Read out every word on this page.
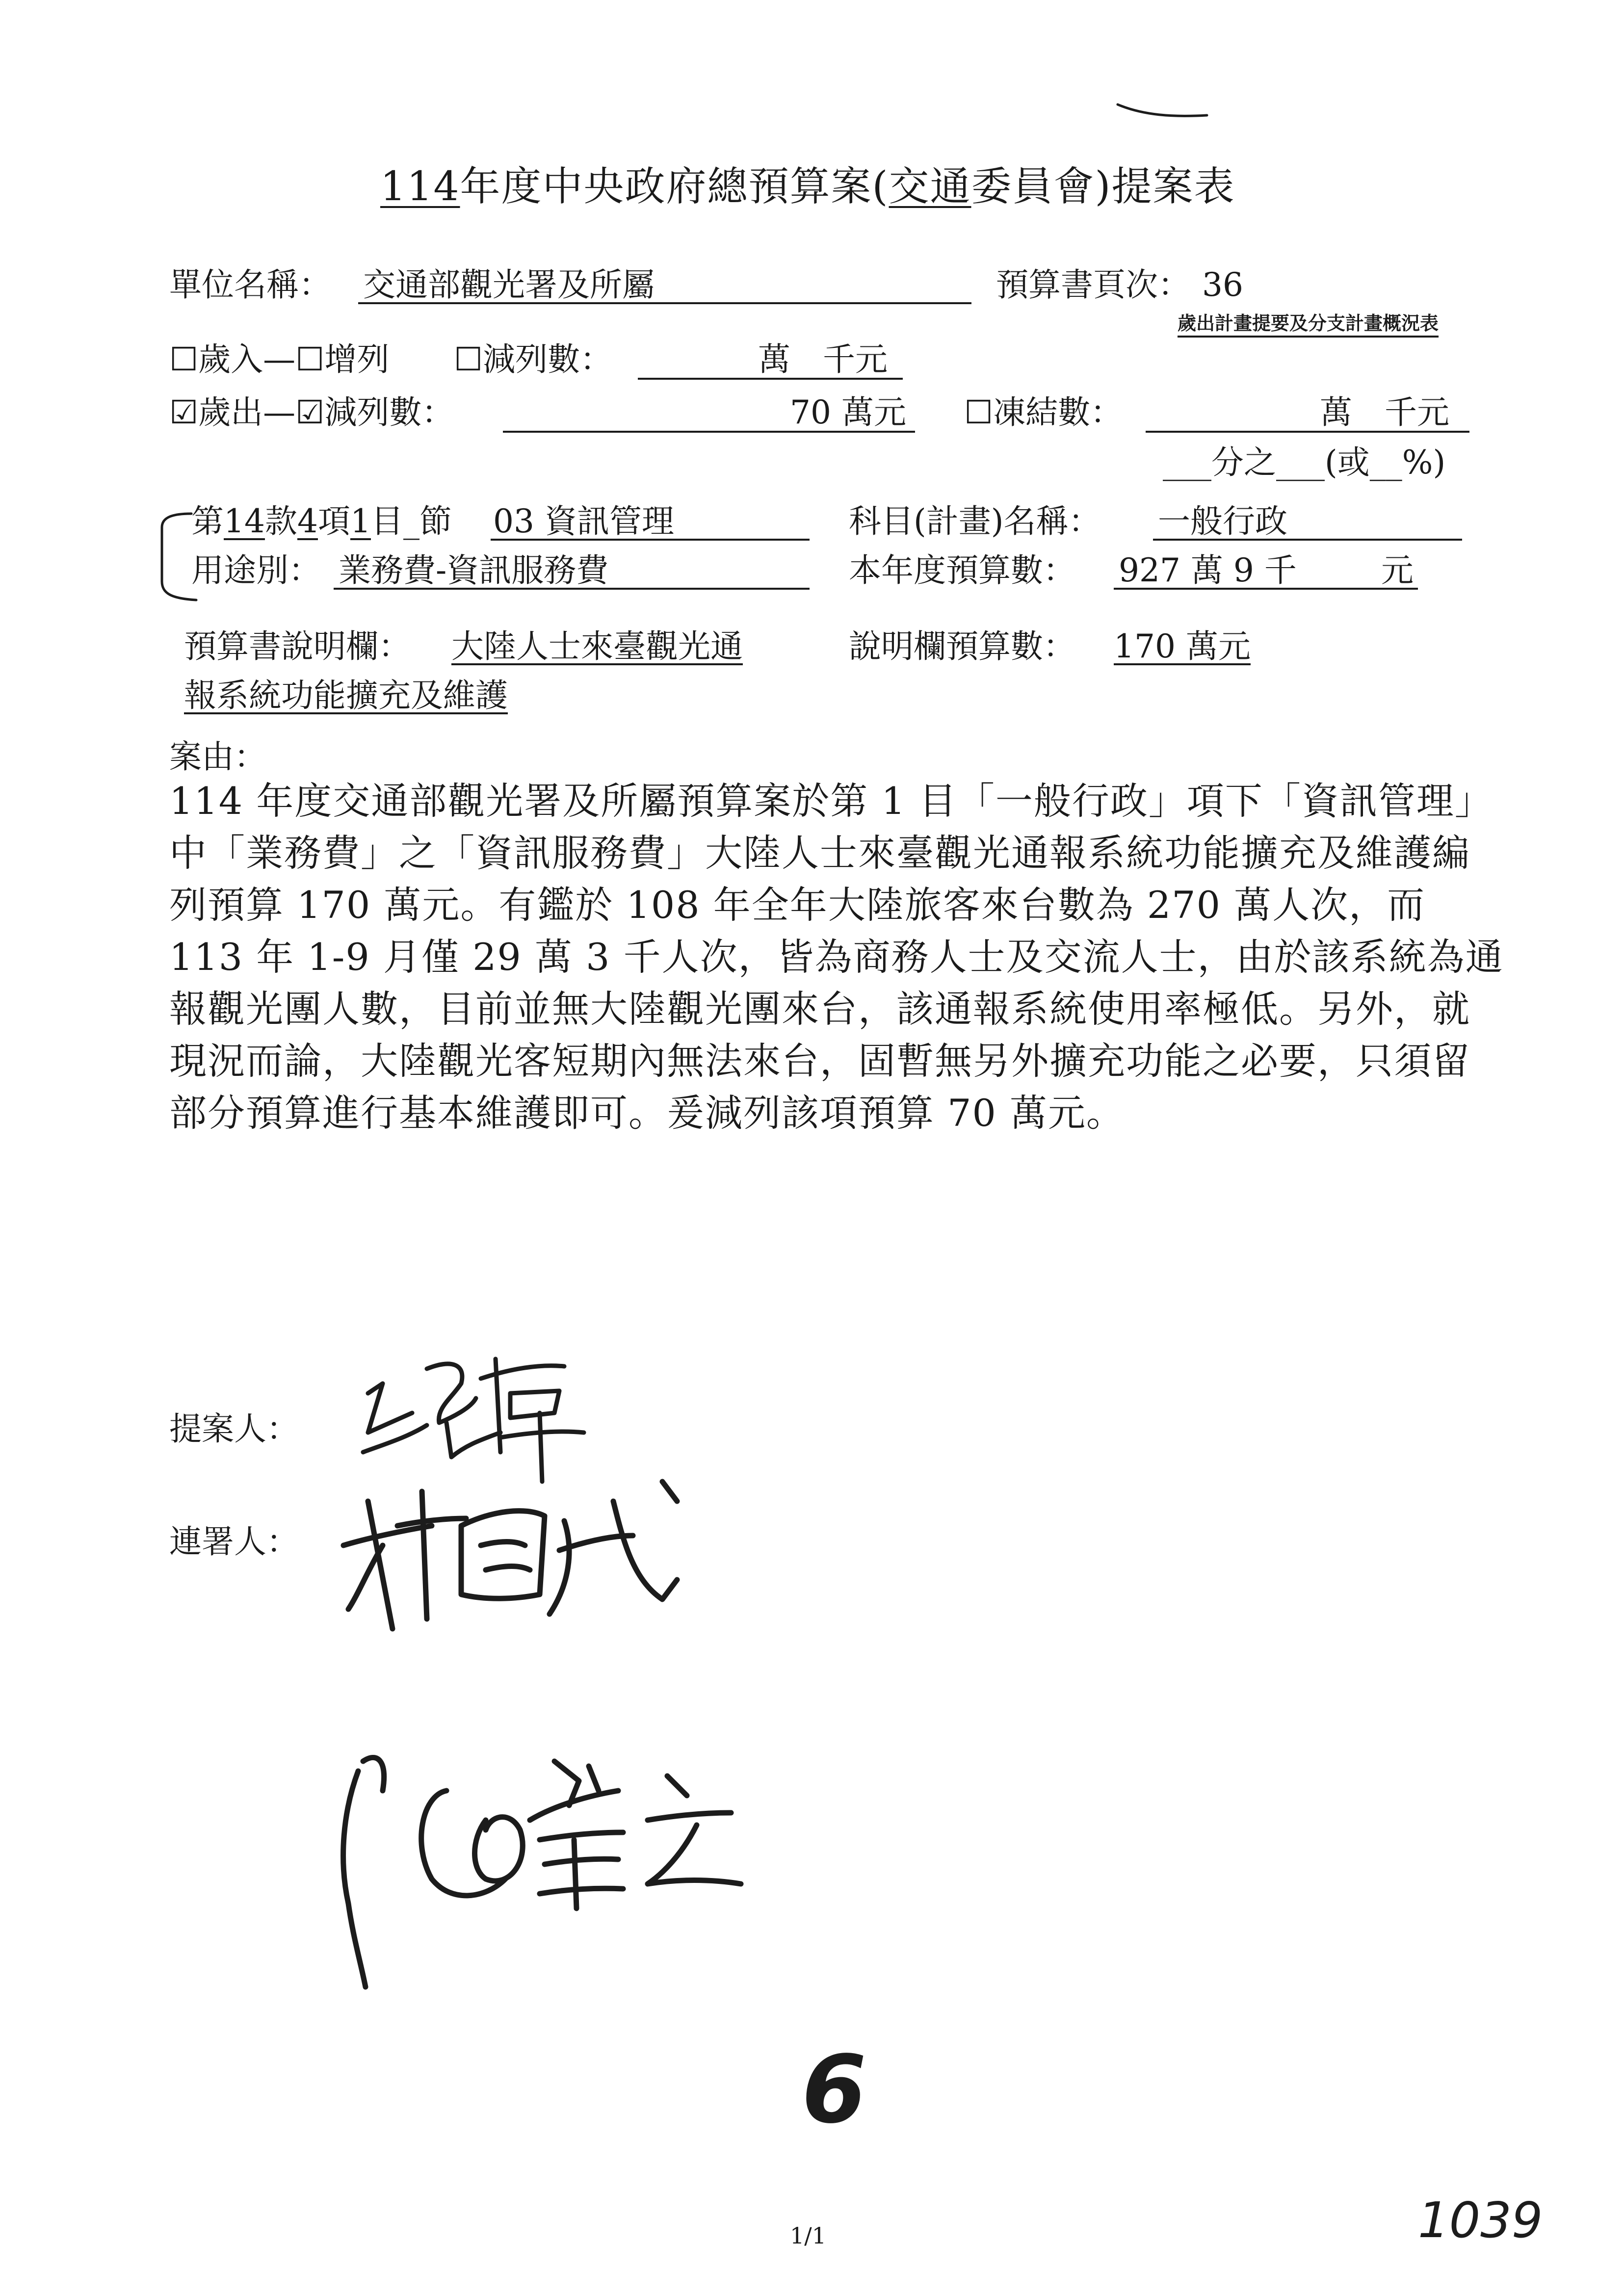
114年度中央政府總預算案(交通委員會)提案表
單位名稱： 交通部觀光署及所屬	預算書頁次： 36
歲出計畫提要及分支計畫概況表
☐歲入—☐增列 ☐減列數：	萬　千元
☑歲出—☑減列數：	70 萬元 ☐凍結數：	萬　千元
___分之___(或__%)
第14款4項1目_節 03 資訊管理	科目(計畫)名稱： 一般行政
用途別： 業務費-資訊服務費	本年度預算數： 927 萬 9 千	元
預算書說明欄： 大陸人士來臺觀光通
報系統功能擴充及維護
說明欄預算數： 170 萬元
案由：

114 年度交通部觀光署及所屬預算案於第 1 目「一般行政」項下「資訊管理」中「業務費」之「資訊服務費」大陸人士來臺觀光通報系統功能擴充及維護編列預算 170 萬元。有鑑於 108 年全年大陸旅客來台數為 270 萬人次，而 113 年 1-9 月僅 29 萬 3 千人次，皆為商務人士及交流人士，由於該系統為通報觀光團人數，目前並無大陸觀光團來台，該通報系統使用率極低。另外，就現況而論，大陸觀光客短期內無法來台，固暫無另外擴充功能之必要，只須留部分預算進行基本維護即可。爰減列該項預算 70 萬元。

提案人：
連署人：
6
1039
1/1
